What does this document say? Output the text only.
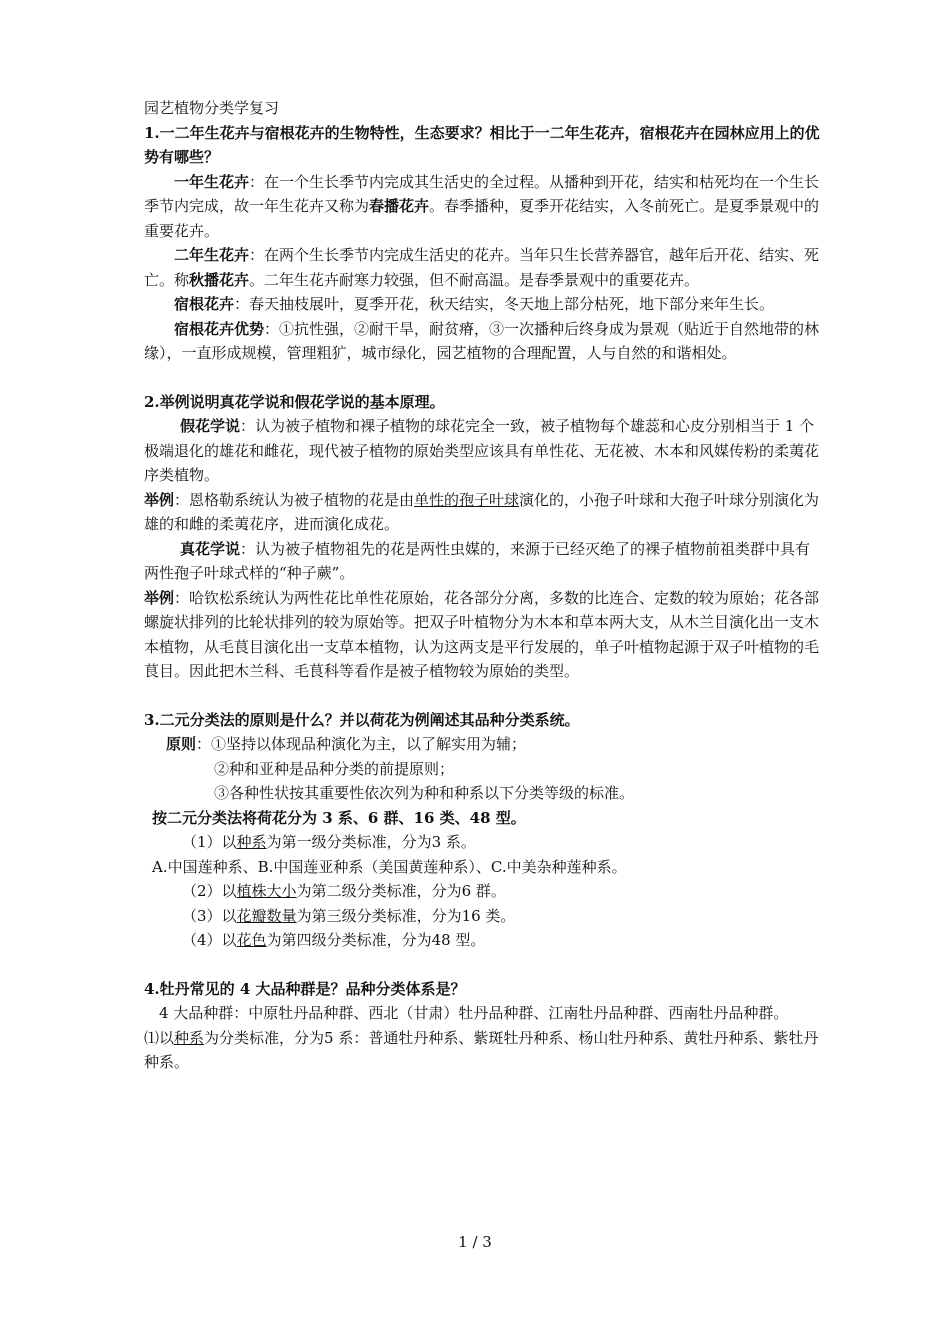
园艺植物分类学复习

1.一二年生花卉与宿根花卉的生物特性，生态要求？相比于一二年生花卉，宿根花卉在园林应用上的优势有哪些？

一年生花卉：在一个生长季节内完成其生活史的全过程。从播种到开花，结实和枯死均在一个生长季节内完成，故一年生花卉又称为春播花卉。春季播种，夏季开花结实，入冬前死亡。是夏季景观中的重要花卉。

二年生花卉：在两个生长季节内完成生活史的花卉。当年只生长营养器官，越年后开花、结实、死亡。称秋播花卉。二年生花卉耐寒力较强，但不耐高温。是春季景观中的重要花卉。

宿根花卉：春天抽枝展叶，夏季开花，秋天结实，冬天地上部分枯死，地下部分来年生长。

宿根花卉优势：①抗性强，②耐干旱，耐贫瘠，③一次播种后终身成为景观（贴近于自然地带的林缘），一直形成规模，管理粗犷，城市绿化，园艺植物的合理配置，人与自然的和谐相处。

2.举例说明真花学说和假花学说的基本原理。

假花学说：认为被子植物和裸子植物的球花完全一致，被子植物每个雄蕊和心皮分别相当于 1 个极端退化的雄花和雌花，现代被子植物的原始类型应该具有单性花、无花被、木本和风媒传粉的柔荑花序类植物。

举例：恩格勒系统认为被子植物的花是由单性的孢子叶球演化的，小孢子叶球和大孢子叶球分别演化为雄的和雌的柔荑花序，进而演化成花。

真花学说：认为被子植物祖先的花是两性虫媒的，来源于已经灭绝了的裸子植物前祖类群中具有两性孢子叶球式样的“种子蕨”。

举例：哈钦松系统认为两性花比单性花原始，花各部分分离，多数的比连合、定数的较为原始；花各部螺旋状排列的比轮状排列的较为原始等。把双子叶植物分为木本和草本两大支，从木兰目演化出一支木本植物，从毛茛目演化出一支草本植物，认为这两支是平行发展的，单子叶植物起源于双子叶植物的毛茛目。因此把木兰科、毛茛科等看作是被子植物较为原始的类型。

3.二元分类法的原则是什么？并以荷花为例阐述其品种分类系统。

原则：①坚持以体现品种演化为主，以了解实用为辅；

②种和亚种是品种分类的前提原则；

③各种性状按其重要性依次列为种和种系以下分类等级的标准。

按二元分类法将荷花分为 3 系、6 群、16 类、48 型。

（1）以种系为第一级分类标准，分为3 系。

A.中国莲种系、B.中国莲亚种系（美国黄莲种系）、C.中美杂种莲种系。

（2）以植株大小为第二级分类标准，分为6 群。

（3）以花瓣数量为第三级分类标准，分为16 类。

（4）以花色为第四级分类标准，分为48 型。

4.牡丹常见的 4 大品种群是？品种分类体系是？

4 大品种群：中原牡丹品种群、西北（甘肃）牡丹品种群、江南牡丹品种群、西南牡丹品种群。

⑴以种系为分类标准，分为5 系：普通牡丹种系、紫斑牡丹种系、杨山牡丹种系、黄牡丹种系、紫牡丹种系。

1 / 3
